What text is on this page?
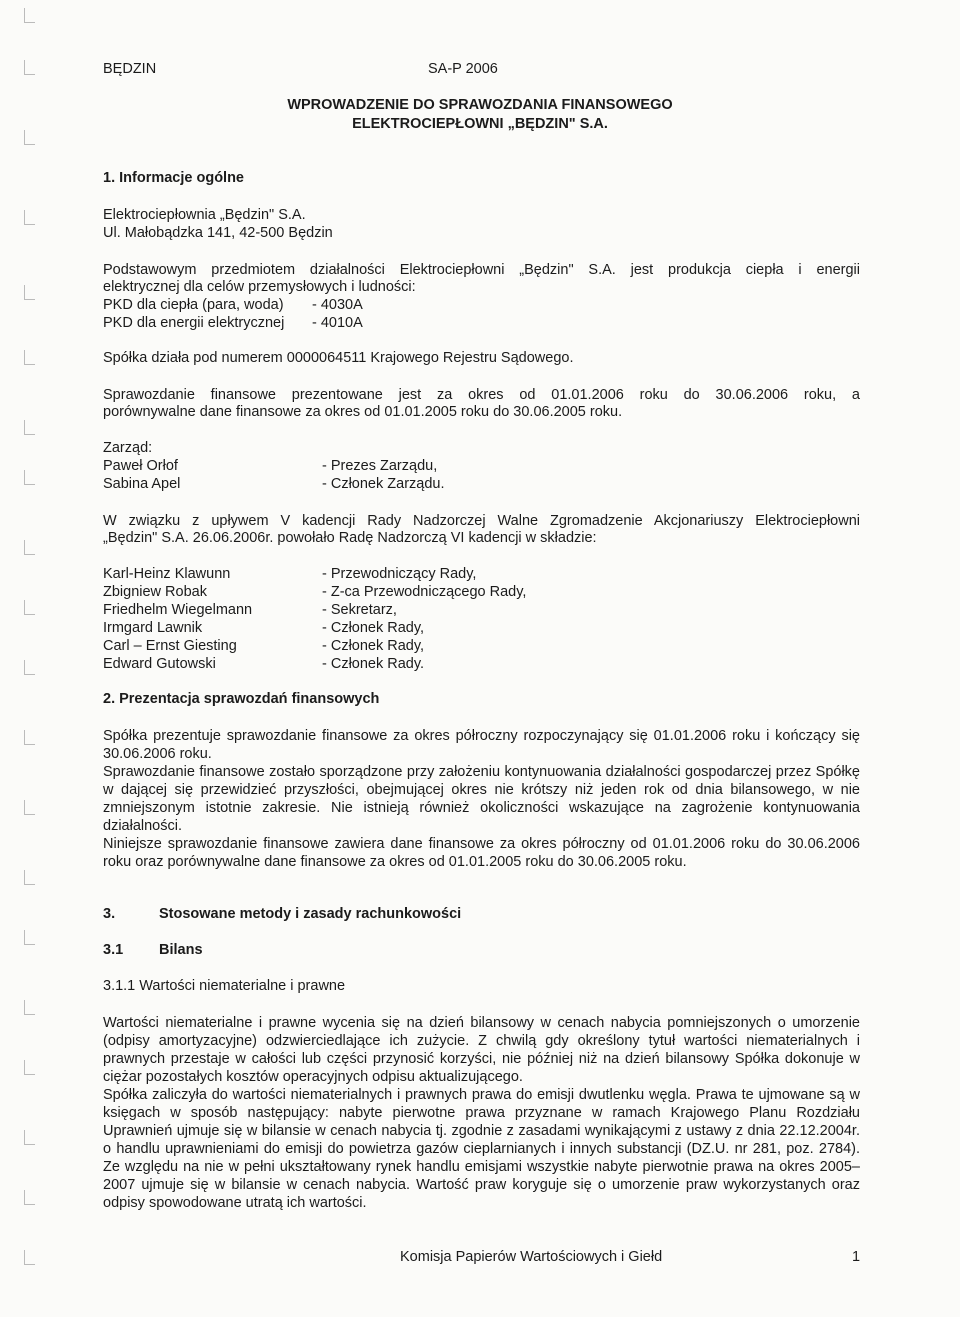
BĘDZIN	SA-P 2006
WPROWADZENIE DO SPRAWOZDANIA FINANSOWEGO
ELEKTROCIEPŁOWNI „BĘDZIN" S.A.
1. Informacje ogólne
Elektrociepłownia „Będzin" S.A.
Ul. Małobądzka 141, 42-500 Będzin
Podstawowym przedmiotem działalności Elektrociepłowni „Będzin" S.A. jest produkcja ciepła i energii
elektrycznej dla celów przemysłowych i ludności:
PKD dla ciepła (para, woda) - 4030A
PKD dla energii elektrycznej - 4010A
Spółka działa pod numerem 0000064511 Krajowego Rejestru Sądowego.
Sprawozdanie finansowe prezentowane jest za okres od 01.01.2006 roku do 30.06.2006 roku, a
porównywalne dane finansowe za okres od 01.01.2005 roku do 30.06.2005 roku.
Zarząd:
Paweł Orłof	- Prezes Zarządu,
Sabina Apel	- Członek Zarządu.
W związku z upływem V kadencji Rady Nadzorczej Walne Zgromadzenie Akcjonariuszy Elektrociepłowni
„Będzin" S.A. 26.06.2006r. powołało Radę Nadzorczą VI kadencji w składzie:
Karl-Heinz Klawunn	- Przewodniczący Rady,
Zbigniew Robak	- Z-ca Przewodniczącego Rady,
Friedhelm Wiegelmann	- Sekretarz,
Irmgard Lawnik	- Członek Rady,
Carl – Ernst Giesting	- Członek Rady,
Edward Gutowski	- Członek Rady.
2. Prezentacja sprawozdań finansowych
Spółka prezentuje sprawozdanie finansowe za okres półroczny rozpoczynający się 01.01.2006 roku i kończący się 30.06.2006 roku.
Sprawozdanie finansowe zostało sporządzone przy założeniu kontynuowania działalności gospodarczej przez Spółkę w dającej się przewidzieć przyszłości, obejmującej okres nie krótszy niż jeden rok od dnia bilansowego, w nie zmniejszonym istotnie zakresie. Nie istnieją również okoliczności wskazujące na zagrożenie kontynuowania działalności.
Niniejsze sprawozdanie finansowe zawiera dane finansowe za okres półroczny od 01.01.2006 roku do 30.06.2006 roku oraz porównywalne dane finansowe za okres od 01.01.2005 roku do 30.06.2005 roku.
3.	Stosowane metody i zasady rachunkowości
3.1 Bilans
3.1.1 Wartości niematerialne i prawne
Wartości niematerialne i prawne wycenia się na dzień bilansowy w cenach nabycia pomniejszonych o umorzenie (odpisy amortyzacyjne) odzwierciedlające ich zużycie. Z chwilą gdy określony tytuł wartości niematerialnych i prawnych przestaje w całości lub części przynosić korzyści, nie później niż na dzień bilansowy Spółka dokonuje w ciężar pozostałych kosztów operacyjnych odpisu aktualizującego.
Spółka zaliczyła do wartości niematerialnych i prawnych prawa do emisji dwutlenku węgla. Prawa te ujmowane są w księgach w sposób następujący: nabyte pierwotne prawa przyznane w ramach Krajowego Planu Rozdziału Uprawnień ujmuje się w bilansie w cenach nabycia tj. zgodnie z zasadami wynikającymi z ustawy z dnia 22.12.2004r. o handlu uprawnieniami do emisji do powietrza gazów cieplarnianych i innych substancji (DZ.U. nr 281, poz. 2784). Ze względu na nie w pełni ukształtowany rynek handlu emisjami wszystkie nabyte pierwotnie prawa na okres 2005–2007 ujmuje się w bilansie w cenach nabycia. Wartość praw koryguje się o umorzenie praw wykorzystanych oraz odpisy spowodowane utratą ich wartości.
Komisja Papierów Wartościowych i Giełd	1
